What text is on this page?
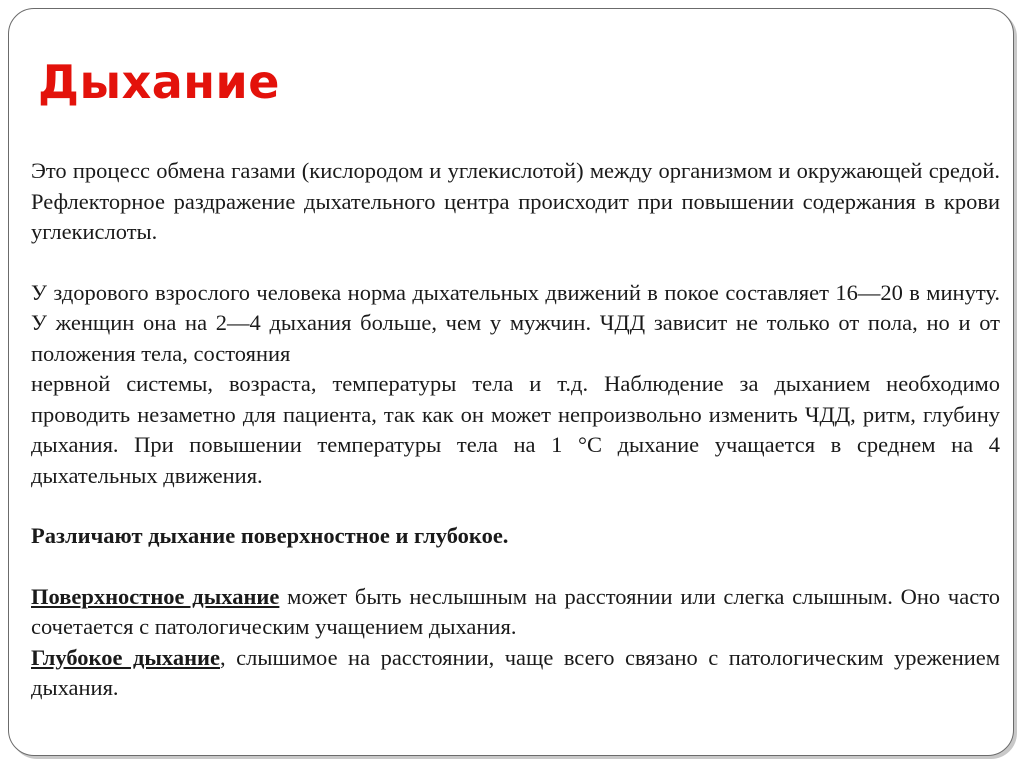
Дыхание

Это процесс обмена газами (кислородом и углекислотой) между организмом и окружающей средой. Рефлекторное раздражение дыхательного центра происходит при повышении содержания в крови углекислоты.

У здорового взрослого человека норма дыхательных движений в покое составляет 16—20 в минуту. У женщин она на 2—4 дыхания больше, чем у мужчин. ЧДД зависит не только от пола, но и от положения тела, состояния

нервной системы, возраста, температуры тела и т.д. Наблюдение за дыханием необходимо проводить незаметно для пациента, так как он может непроизвольно изменить ЧДД, ритм, глубину дыхания. При повышении температуры тела на 1 °С дыхание учащается в среднем на 4 дыхательных движения.

Различают дыхание поверхностное и глубокое.

Поверхностное дыхание может быть неслышным на расстоянии или слегка слышным. Оно часто сочетается с патологическим учащением дыхания.

Глубокое дыхание, слышимое на расстоянии, чаще всего связано с патологическим урежением дыхания.
